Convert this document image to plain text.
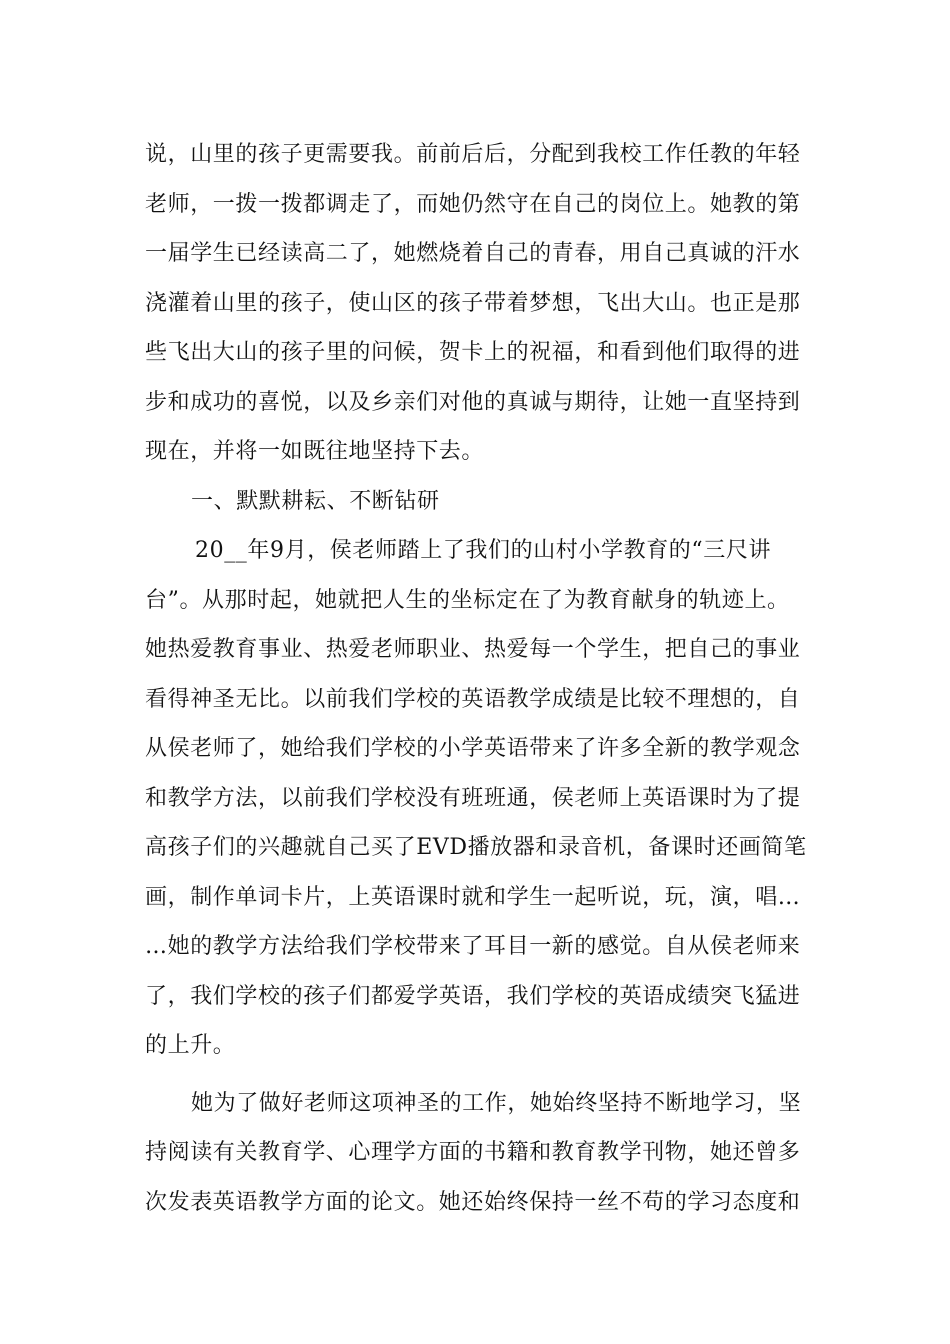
说，山里的孩子更需要我。前前后后，分配到我校工作任教的年轻
老师，一拨一拨都调走了，而她仍然守在自己的岗位上。她教的第
一届学生已经读高二了，她燃烧着自己的青春，用自己真诚的汗水
浇灌着山里的孩子，使山区的孩子带着梦想，飞出大山。也正是那
些飞出大山的孩子里的问候，贺卡上的祝福，和看到他们取得的进
步和成功的喜悦，以及乡亲们对他的真诚与期待，让她一直坚持到
现在，并将一如既往地坚持下去。
一、默默耕耘、不断钻研
20__年9月，侯老师踏上了我们的山村小学教育的“三尺讲
台”。从那时起，她就把人生的坐标定在了为教育献身的轨迹上。
她热爱教育事业、热爱老师职业、热爱每一个学生，把自己的事业
看得神圣无比。以前我们学校的英语教学成绩是比较不理想的，自
从侯老师了，她给我们学校的小学英语带来了许多全新的教学观念
和教学方法，以前我们学校没有班班通，侯老师上英语课时为了提
高孩子们的兴趣就自己买了EVD播放器和录音机，备课时还画简笔
画，制作单词卡片，上英语课时就和学生一起听说，玩，演，唱…
…她的教学方法给我们学校带来了耳目一新的感觉。自从侯老师来
了，我们学校的孩子们都爱学英语，我们学校的英语成绩突飞猛进
的上升。
她为了做好老师这项神圣的工作，她始终坚持不断地学习，坚
持阅读有关教育学、心理学方面的书籍和教育教学刊物，她还曾多
次发表英语教学方面的论文。她还始终保持一丝不苟的学习态度和
